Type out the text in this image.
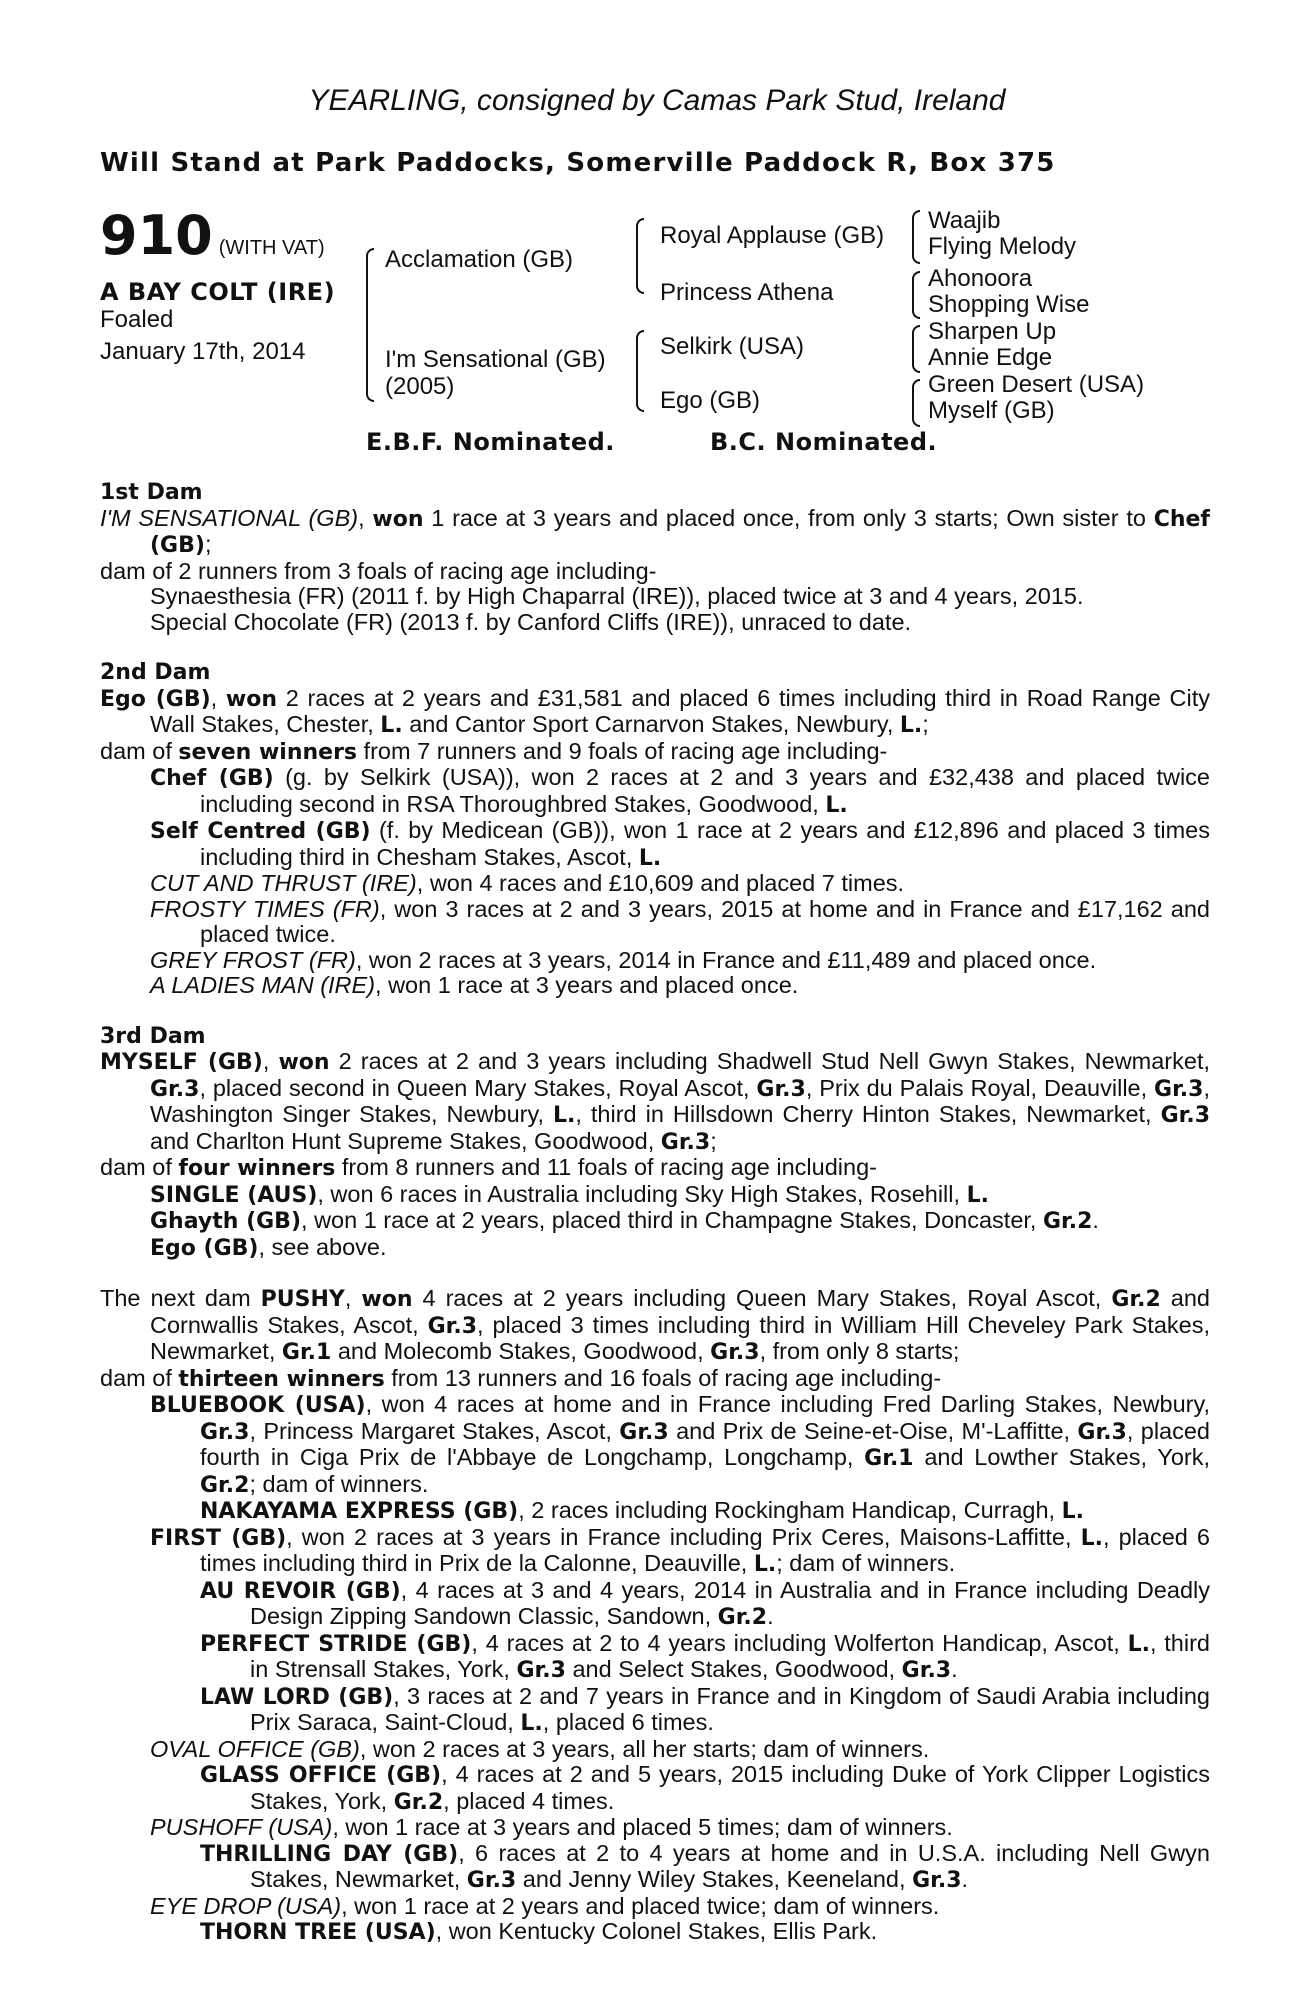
YEARLING, consigned by Camas Park Stud, Ireland
Will Stand at Park Paddocks, Somerville Paddock R, Box 375
910 (WITH VAT)
A BAY COLT (IRE)
Foaled
January 17th, 2014
Acclamation (GB)
I'm Sensational (GB)
(2005)
Royal Applause (GB)
Princess Athena
Selkirk (USA)
Ego (GB)
Waajib
Flying Melody
Ahonoora
Shopping Wise
Sharpen Up
Annie Edge
Green Desert (USA)
Myself (GB)
E.B.F. Nominated.	B.C. Nominated.
1st Dam

I'M SENSATIONAL (GB), won 1 race at 3 years and placed once, from only 3 starts; Own sister to Chef (GB);

dam of 2 runners from 3 foals of racing age including-

Synaesthesia (FR) (2011 f. by High Chaparral (IRE)), placed twice at 3 and 4 years, 2015.

Special Chocolate (FR) (2013 f. by Canford Cliffs (IRE)), unraced to date.

2nd Dam

Ego (GB), won 2 races at 2 years and £31,581 and placed 6 times including third in Road Range City Wall Stakes, Chester, L. and Cantor Sport Carnarvon Stakes, Newbury, L.;

dam of seven winners from 7 runners and 9 foals of racing age including-

Chef (GB) (g. by Selkirk (USA)), won 2 races at 2 and 3 years and £32,438 and placed twice including second in RSA Thoroughbred Stakes, Goodwood, L.

Self Centred (GB) (f. by Medicean (GB)), won 1 race at 2 years and £12,896 and placed 3 times including third in Chesham Stakes, Ascot, L.

CUT AND THRUST (IRE), won 4 races and £10,609 and placed 7 times.

FROSTY TIMES (FR), won 3 races at 2 and 3 years, 2015 at home and in France and £17,162 and placed twice.

GREY FROST (FR), won 2 races at 3 years, 2014 in France and £11,489 and placed once.

A LADIES MAN (IRE), won 1 race at 3 years and placed once.

3rd Dam

MYSELF (GB), won 2 races at 2 and 3 years including Shadwell Stud Nell Gwyn Stakes, Newmarket, Gr.3, placed second in Queen Mary Stakes, Royal Ascot, Gr.3, Prix du Palais Royal, Deauville, Gr.3, Washington Singer Stakes, Newbury, L., third in Hillsdown Cherry Hinton Stakes, Newmarket, Gr.3 and Charlton Hunt Supreme Stakes, Goodwood, Gr.3;

dam of four winners from 8 runners and 11 foals of racing age including-

SINGLE (AUS), won 6 races in Australia including Sky High Stakes, Rosehill, L.

Ghayth (GB), won 1 race at 2 years, placed third in Champagne Stakes, Doncaster, Gr.2.

Ego (GB), see above.

The next dam PUSHY, won 4 races at 2 years including Queen Mary Stakes, Royal Ascot, Gr.2 and Cornwallis Stakes, Ascot, Gr.3, placed 3 times including third in William Hill Cheveley Park Stakes, Newmarket, Gr.1 and Molecomb Stakes, Goodwood, Gr.3, from only 8 starts;

dam of thirteen winners from 13 runners and 16 foals of racing age including-

BLUEBOOK (USA), won 4 races at home and in France including Fred Darling Stakes, Newbury, Gr.3, Princess Margaret Stakes, Ascot, Gr.3 and Prix de Seine-et-Oise, M'-Laffitte, Gr.3, placed fourth in Ciga Prix de l'Abbaye de Longchamp, Longchamp, Gr.1 and Lowther Stakes, York, Gr.2; dam of winners.

NAKAYAMA EXPRESS (GB), 2 races including Rockingham Handicap, Curragh, L.

FIRST (GB), won 2 races at 3 years in France including Prix Ceres, Maisons-Laffitte, L., placed 6 times including third in Prix de la Calonne, Deauville, L.; dam of winners.

AU REVOIR (GB), 4 races at 3 and 4 years, 2014 in Australia and in France including Deadly Design Zipping Sandown Classic, Sandown, Gr.2.

PERFECT STRIDE (GB), 4 races at 2 to 4 years including Wolferton Handicap, Ascot, L., third in Strensall Stakes, York, Gr.3 and Select Stakes, Goodwood, Gr.3.

LAW LORD (GB), 3 races at 2 and 7 years in France and in Kingdom of Saudi Arabia including Prix Saraca, Saint-Cloud, L., placed 6 times.

OVAL OFFICE (GB), won 2 races at 3 years, all her starts; dam of winners.

GLASS OFFICE (GB), 4 races at 2 and 5 years, 2015 including Duke of York Clipper Logistics Stakes, York, Gr.2, placed 4 times.

PUSHOFF (USA), won 1 race at 3 years and placed 5 times; dam of winners.

THRILLING DAY (GB), 6 races at 2 to 4 years at home and in U.S.A. including Nell Gwyn Stakes, Newmarket, Gr.3 and Jenny Wiley Stakes, Keeneland, Gr.3.

EYE DROP (USA), won 1 race at 2 years and placed twice; dam of winners.

THORN TREE (USA), won Kentucky Colonel Stakes, Ellis Park.
